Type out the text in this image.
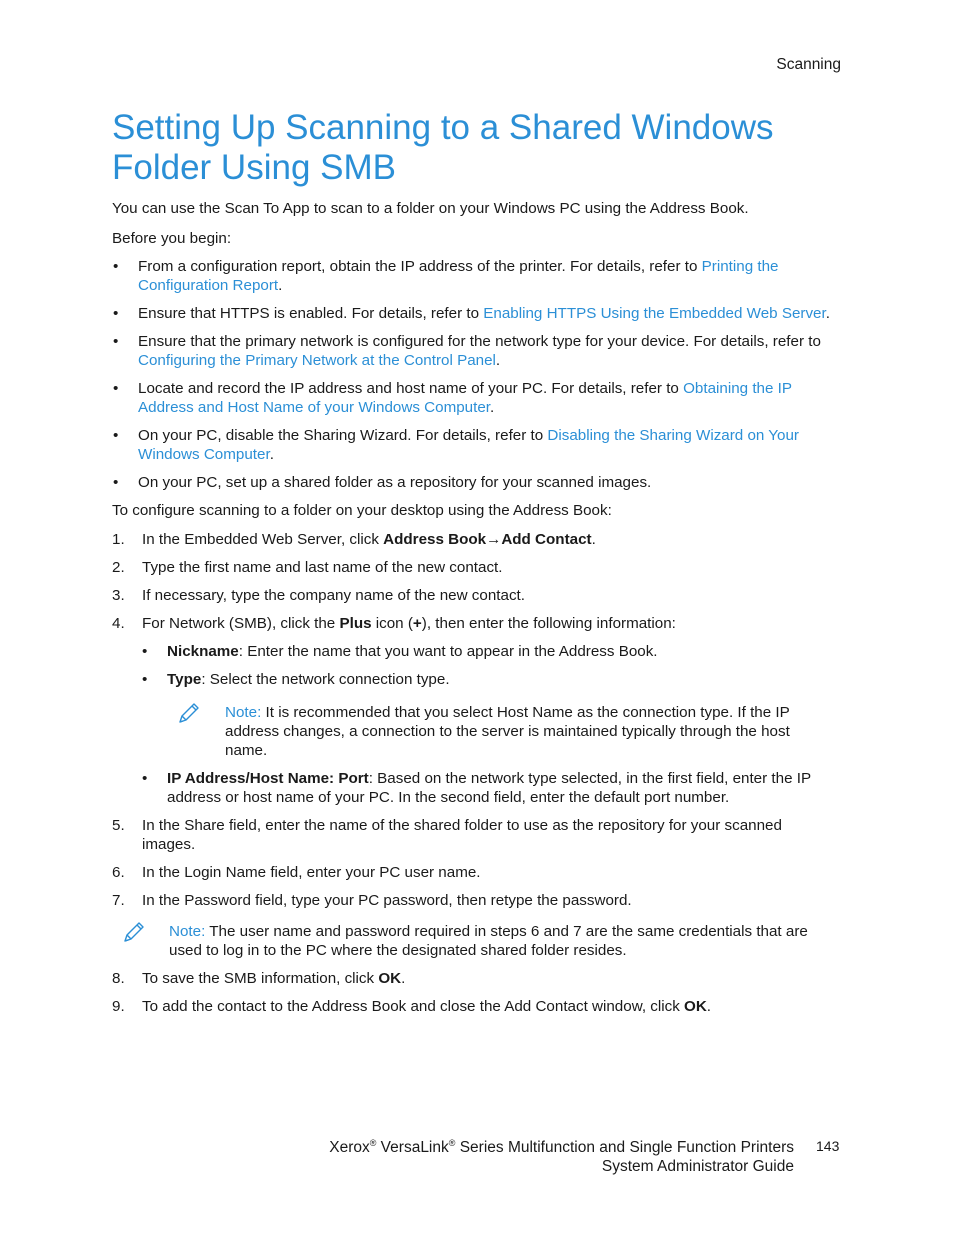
Scanning
Setting Up Scanning to a Shared Windows Folder Using SMB

You can use the Scan To App to scan to a folder on your Windows PC using the Address Book.

Before you begin:

• From a configuration report, obtain the IP address of the printer. For details, refer to Printing the Configuration Report.
• Ensure that HTTPS is enabled. For details, refer to Enabling HTTPS Using the Embedded Web Server.
• Ensure that the primary network is configured for the network type for your device. For details, refer to Configuring the Primary Network at the Control Panel.
• Locate and record the IP address and host name of your PC. For details, refer to Obtaining the IP Address and Host Name of your Windows Computer.
• On your PC, disable the Sharing Wizard. For details, refer to Disabling the Sharing Wizard on Your Windows Computer.
• On your PC, set up a shared folder as a repository for your scanned images.

To configure scanning to a folder on your desktop using the Address Book:

1. In the Embedded Web Server, click Address Book→Add Contact.
2. Type the first name and last name of the new contact.
3. If necessary, type the company name of the new contact.
4. For Network (SMB), click the Plus icon (+), then enter the following information:
• Nickname: Enter the name that you want to appear in the Address Book.
• Type: Select the network connection type.
Note: It is recommended that you select Host Name as the connection type. If the IP address changes, a connection to the server is maintained typically through the host name.
• IP Address/Host Name: Port: Based on the network type selected, in the first field, enter the IP address or host name of your PC. In the second field, enter the default port number.
5. In the Share field, enter the name of the shared folder to use as the repository for your scanned images.
6. In the Login Name field, enter your PC user name.
7. In the Password field, type your PC password, then retype the password.
Note: The user name and password required in steps 6 and 7 are the same credentials that are used to log in to the PC where the designated shared folder resides.
8. To save the SMB information, click OK.
9. To add the contact to the Address Book and close the Add Contact window, click OK.
Xerox® VersaLink® Series Multifunction and Single Function Printers
System Administrator Guide
143
